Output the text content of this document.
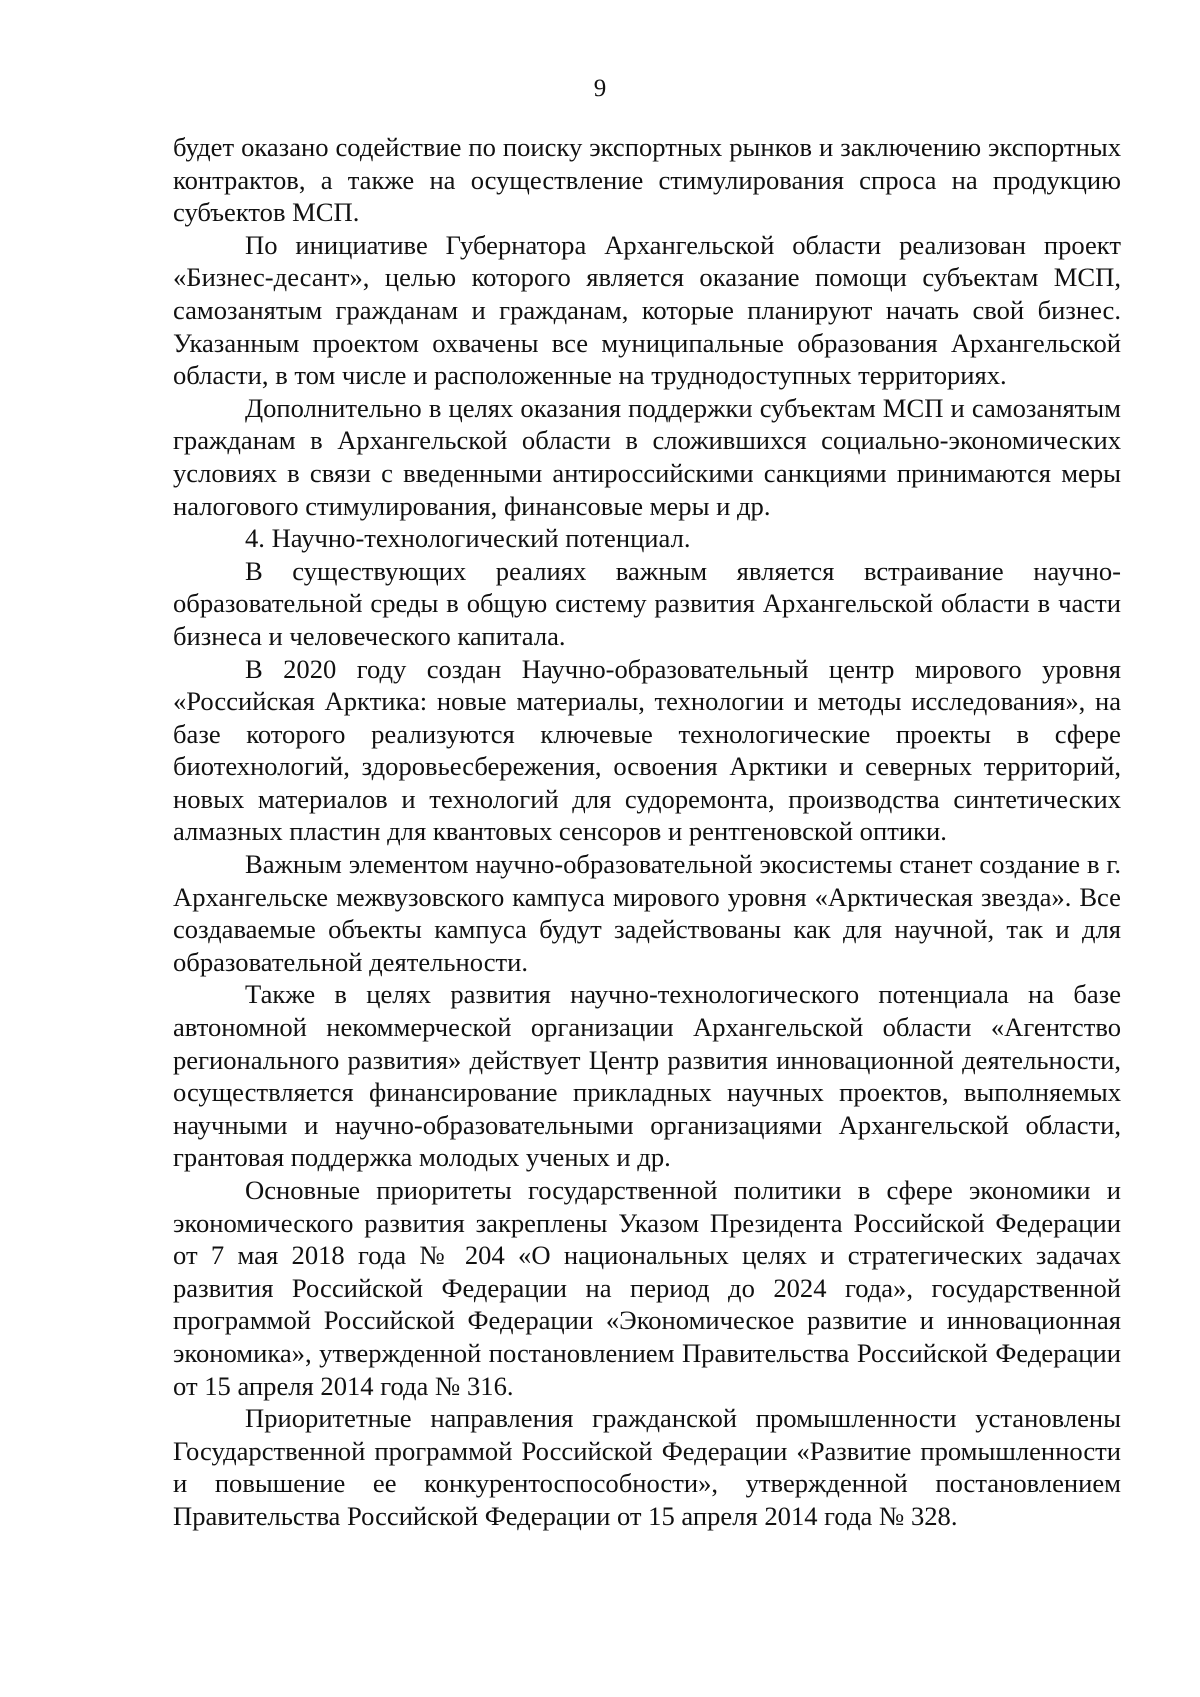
9

будет оказано содействие по поиску экспортных рынков и заключению экспортных контрактов, а также на осуществление стимулирования спроса на продукцию субъектов МСП.

По инициативе Губернатора Архангельской области реализован проект «Бизнес-десант», целью которого является оказание помощи субъектам МСП, самозанятым гражданам и гражданам, которые планируют начать свой бизнес. Указанным проектом охвачены все муниципальные образования Архангельской области, в том числе и расположенные на труднодоступных территориях.

Дополнительно в целях оказания поддержки субъектам МСП и самозанятым гражданам в Архангельской области в сложившихся социально-экономических условиях в связи с введенными антироссийскими санкциями принимаются меры налогового стимулирования, финансовые меры и др.

4. Научно-технологический потенциал.

В существующих реалиях важным является встраивание научно-образовательной среды в общую систему развития Архангельской области в части бизнеса и человеческого капитала.

В 2020 году создан Научно-образовательный центр мирового уровня «Российская Арктика: новые материалы, технологии и методы исследования», на базе которого реализуются ключевые технологические проекты в сфере биотехнологий, здоровьесбережения, освоения Арктики и северных территорий, новых материалов и технологий для судоремонта, производства синтетических алмазных пластин для квантовых сенсоров и рентгеновской оптики.

Важным элементом научно-образовательной экосистемы станет создание в г. Архангельске межвузовского кампуса мирового уровня «Арктическая звезда». Все создаваемые объекты кампуса будут задействованы как для научной, так и для образовательной деятельности.

Также в целях развития научно-технологического потенциала на базе автономной некоммерческой организации Архангельской области «Агентство регионального развития» действует Центр развития инновационной деятельности, осуществляется финансирование прикладных научных проектов, выполняемых научными и научно-образовательными организациями Архангельской области, грантовая поддержка молодых ученых и др.

Основные приоритеты государственной политики в сфере экономики и экономического развития закреплены Указом Президента Российской Федерации от 7 мая 2018 года № 204 «О национальных целях и стратегических задачах развития Российской Федерации на период до 2024 года», государственной программой Российской Федерации «Экономическое развитие и инновационная экономика», утвержденной постановлением Правительства Российской Федерации от 15 апреля 2014 года № 316.

Приоритетные направления гражданской промышленности установлены Государственной программой Российской Федерации «Развитие промышленности и повышение ее конкурентоспособности», утвержденной постановлением Правительства Российской Федерации от 15 апреля 2014 года № 328.
